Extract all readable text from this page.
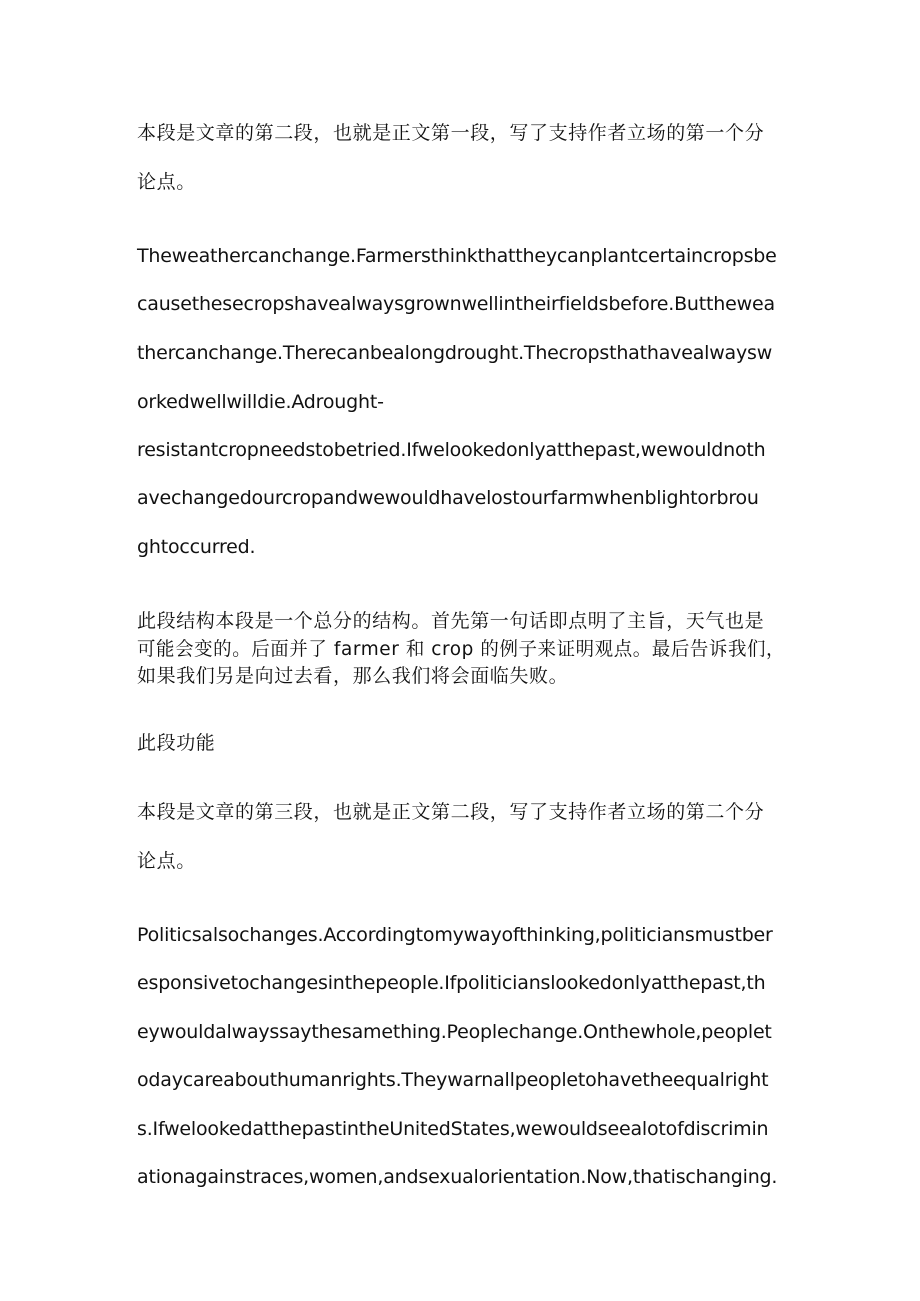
本段是文章的第二段，也就是正文第一段，写了支持作者立场的第一个分
论点。
Theweathercanchange.Farmersthinkthattheycanplantcertaincropsbe
causethesecropshavealwaysgrownwellintheirfieldsbefore.Butthewea
thercanchange.Therecanbealongdrought.Thecropsthathavealwaysw
orkedwellwilldie.Adrought-
resistantcropneedstobetried.Ifwelookedonlyatthepast,wewouldnoth
avechangedourcropandwewouldhavelostourfarmwhenblightorbrou
ghtoccurred.
此段结构本段是一个总分的结构。首先第一句话即点明了主旨，天气也是
可能会变的。后面并了 farmer 和 crop 的例子来证明观点。最后告诉我们，
如果我们另是向过去看，那么我们将会面临失败。
此段功能
本段是文章的第三段，也就是正文第二段，写了支持作者立场的第二个分
论点。
Politicsalsochanges.Accordingtomywayofthinking,politiciansmustber
esponsivetochangesinthepeople.Ifpoliticianslookedonlyatthepast,th
eywouldalwayssaythesamething.Peoplechange.Onthewhole,peoplet
odaycareabouthumanrights.Theywarnallpeopletohavetheequalright
s.IfwelookedatthepastintheUnitedStates,wewouldseealotofdiscrimin
ationagainstraces,women,andsexualorientation.Now,thatischanging.
